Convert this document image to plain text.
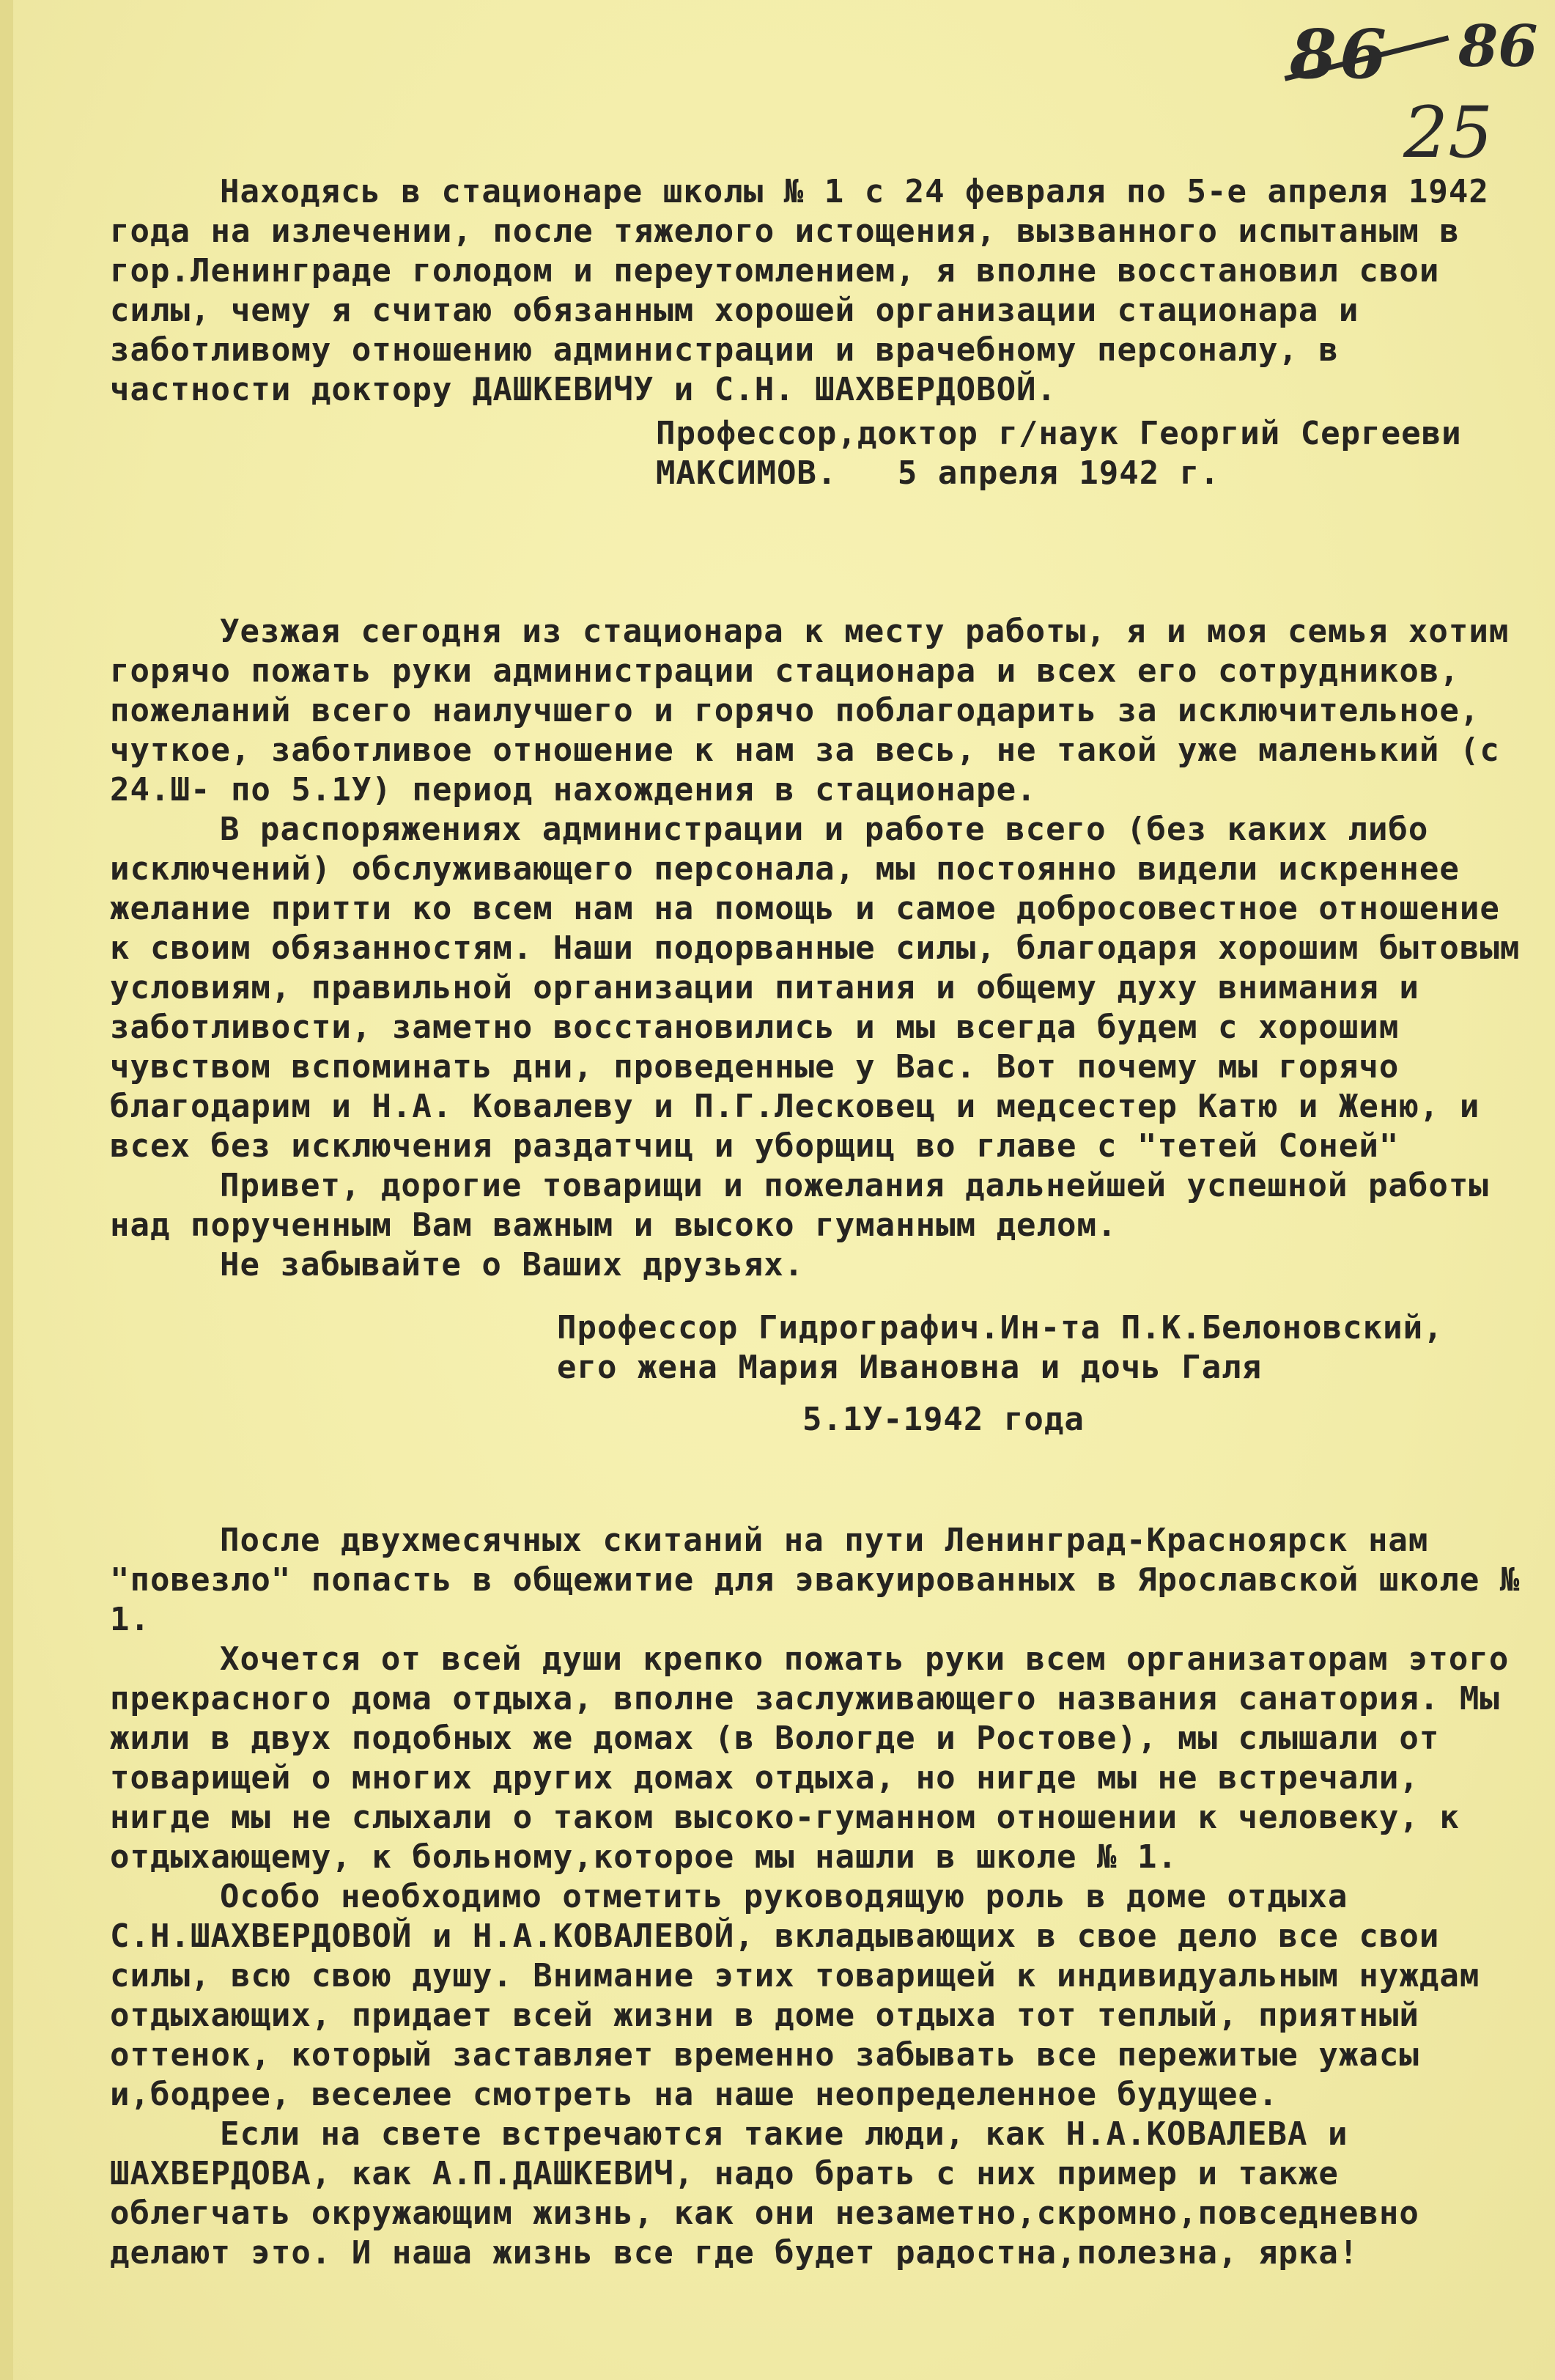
86 86
25

Находясь в стационаре школы № 1 с 24 февраля по 5-е апреля 1942 года на излечении, после тяжелого истощения, вызванного испытаным в гор.Ленинграде голодом и переутомлением, я вполне восстановил свои силы, чему я считаю обязанным хорошей организации стационара и заботливому отношению администрации и врачебному персоналу, в частности доктору ДАШКЕВИЧУ и С.Н. ШАХВЕРДОВОЙ.

Профессор,доктор г/наук Георгий Сергееви
МАКСИМОВ.   5 апреля 1942 г.

Уезжая сегодня из стационара к месту работы, я и моя семья хотим горячо пожать руки администрации стационара и всех его сотрудников, пожеланий всего наилучшего и горячо поблагодарить за исключительное, чуткое, заботливое отношение к нам за весь, не такой уже маленький (с 24.Ш- по 5.1У) период нахождения в стационаре.

В распоряжениях администрации и работе всего (без каких либо исключений) обслуживающего персонала, мы постоянно видели искреннее желание притти ко всем нам на помощь и самое добросовестное отношение к своим обязанностям. Наши подорванные силы, благодаря хорошим бытовым условиям, правильной организации питания и общему духу внимания и заботливости, заметно восстановились и мы всегда будем с хорошим чувством вспоминать дни, проведенные у Вас. Вот почему мы горячо благодарим и Н.А. Ковалеву и П.Г.Лесковец и медсестер Катю и Женю, и всех без исключения раздатчиц и уборщиц во главе с "тетей Соней"

Привет, дорогие товарищи и пожелания дальнейшей успешной работы над порученным Вам важным и высоко гуманным делом.

Не забывайте о Ваших друзьях.

Профессор Гидрографич.Ин-та П.К.Белоновский,
его жена Мария Ивановна и дочь Галя
5.1У-1942 года

После двухмесячных скитаний на пути Ленинград-Красноярск нам "повезло" попасть в общежитие для эвакуированных в Ярославской школе № 1.

Хочется от всей души крепко пожать руки всем организаторам этого прекрасного дома отдыха, вполне заслуживающего названия санатория. Мы жили в двух подобных же домах (в Вологде и Ростове), мы слышали от товарищей о многих других домах отдыха, но нигде мы не встречали, нигде мы не слыхали о таком высоко-гуманном отношении к человеку, к отдыхающему, к больному,которое мы нашли в школе № 1.

Особо необходимо отметить руководящую роль в доме отдыха С.Н.ШАХВЕРДОВОЙ и Н.А.КОВАЛЕВОЙ, вкладывающих в свое дело все свои силы, всю свою душу. Внимание этих товарищей к индивидуальным нуждам отдыхающих, придает всей жизни в доме отдыха тот теплый, приятный оттенок, который заставляет временно забывать все пережитые ужасы и,бодрее, веселее смотреть на наше неопределенное будущее.

Если на свете встречаются такие люди, как Н.А.КОВАЛЕВА и ШАХВЕРДОВА, как А.П.ДАШКЕВИЧ, надо брать с них пример и также облегчать окружающим жизнь, как они незаметно,скромно,повседневно делают это. И наша жизнь все где будет радостна,полезна, ярка!
